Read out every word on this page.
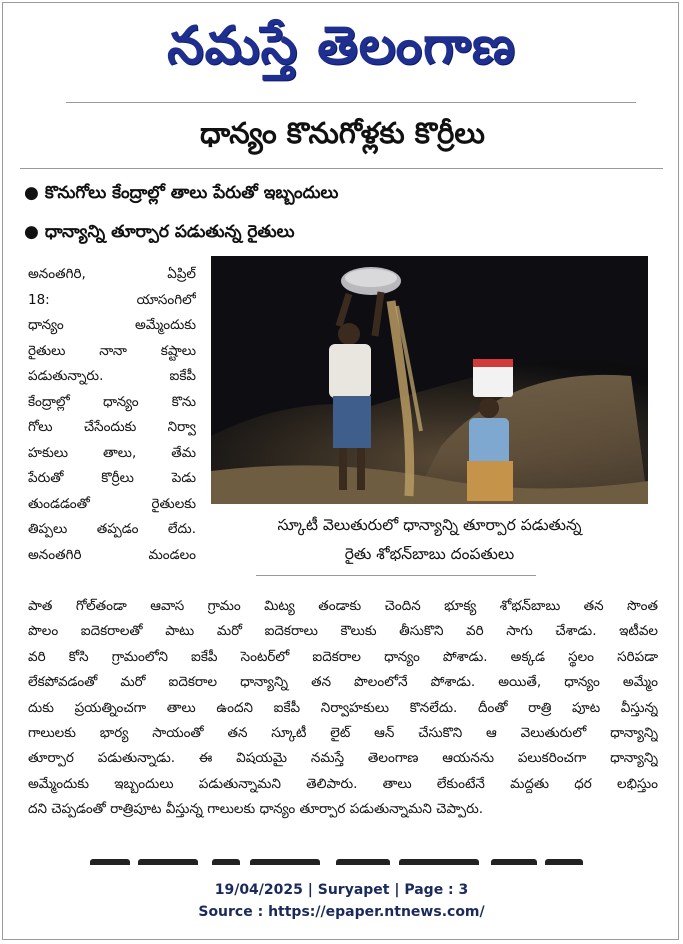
నమస్తే తెలంగాణ
ధాన్యం కొనుగోళ్లకు కొర్రీలు
● కొనుగోలు కేంద్రాల్లో తాలు పేరుతో ఇబ్బందులు
● ధాన్యాన్ని తూర్పార పడుతున్న రైతులు
అనంతగిరి, ఏప్రిల్
18: యాసంగిలో
ధాన్యం అమ్మేందుకు
రైతులు నానా కష్టాలు
పడుతున్నారు. ఐకేపీ
కేంద్రాల్లో ధాన్యం కొను
గోలు చేసేందుకు నిర్వా
హకులు తాలు, తేమ
పేరుతో కొర్రీలు పెడు
తుండడంతో రైతులకు
తిప్పలు తప్పడం లేదు.
అనంతగిరి మండలం
స్కూటీ వెలుతురులో ధాన్యాన్ని తూర్పార పడుతున్న
రైతు శోభన్‌బాబు దంపతులు
పాత గోల్‌తండా ఆవాస గ్రామం మిట్య తండాకు చెందిన భూక్య శోభన్‌బాబు తన సొంత
పొలం ఐదెకరాలతో పాటు మరో ఐదెకరాలు కౌలుకు తీసుకొని వరి సాగు చేశాడు. ఇటీవల
వరి కోసి గ్రామంలోని ఐకేపీ సెంటర్‌లో ఐదెకరాల ధాన్యం పోశాడు. అక్కడ స్థలం సరిపడా
లేకపోవడంతో మరో ఐదెకరాల ధాన్యాన్ని తన పొలంలోనే పోశాడు. అయితే, ధాన్యం అమ్మేం
దుకు ప్రయత్నించగా తాలు ఉందని ఐకేపీ నిర్వాహకులు కొనలేదు. దీంతో రాత్రి పూట వీస్తున్న
గాలులకు భార్య సాయంతో తన స్కూటీ లైట్ ఆన్ చేసుకొని ఆ వెలుతురులో ధాన్యాన్ని
తూర్పార పడుతున్నాడు. ఈ విషయమై నమస్తే తెలంగాణ ఆయనను పలుకరించగా ధాన్యాన్ని
అమ్మేందుకు ఇబ్బందులు పడుతున్నామని తెలిపారు. తాలు లేకుంటేనే మద్దతు ధర లభిస్తుం
దని చెప్పడంతో రాత్రిపూట వీస్తున్న గాలులకు ధాన్యం తూర్పార పడుతున్నామని చెప్పారు.
19/04/2025 | Suryapet | Page : 3
Source : https://epaper.ntnews.com/
